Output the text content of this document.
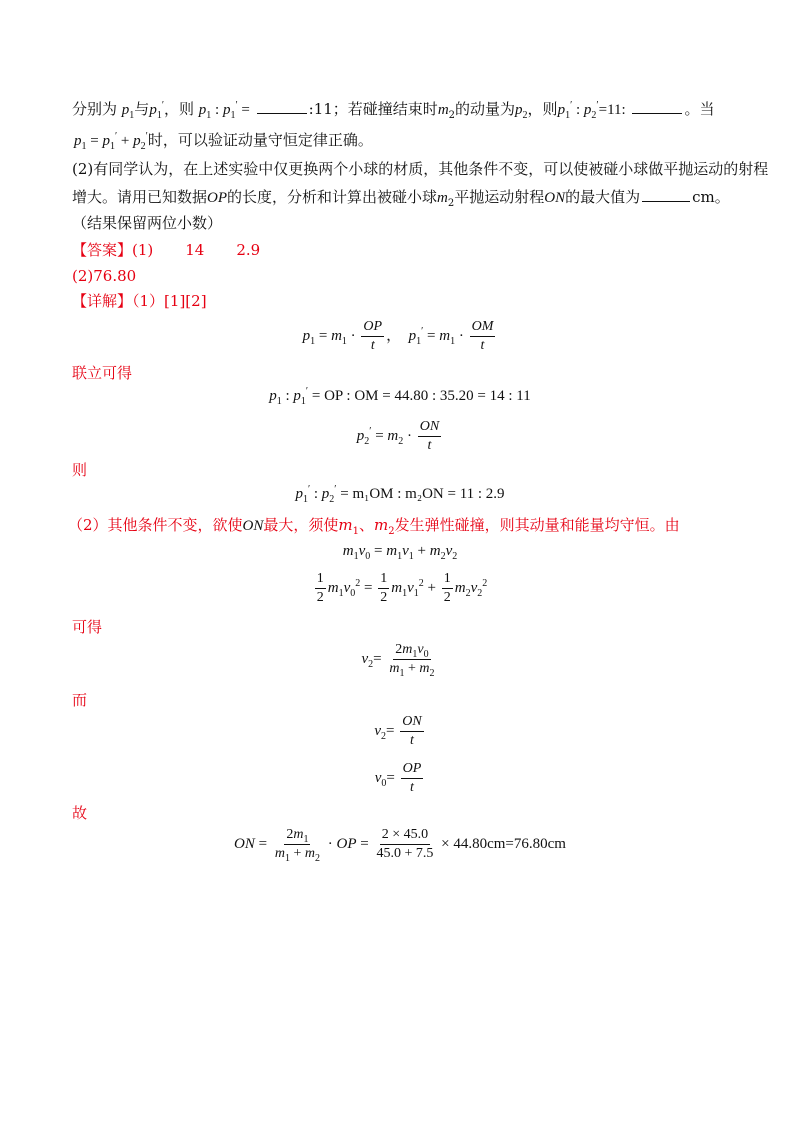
分别为 $p_1$与$p_1'$，则 $p_1$ : $p_1'$ =	:11；若碰撞结束时$m_2$的动量为$p_2$，则$p_1'$ : $p_2'=11$:	。当
$p_1 = p_1' + p_2'$时，可以验证动量守恒定律正确。
(2)有同学认为，在上述实验中仅更换两个小球的材质，其他条件不变，可以使被碰小球做平抛运动的射程
增大。请用已知数据OP的长度，分析和计算出被碰小球$m_2$平抛运动射程ON的最大值为	cm。
（结果保留两位小数）
【答案】(1) 14 2.9
(2)76.80
【详解】（1）[1][2]
$p_1 = m_1 \cdot \frac{OP}{t}$ ， $p_1' = m_1 \cdot \frac{OM}{t}$
联立可得
$p_1$ : $p_1'$ = OP : OM = 44.80 : 35.20 = 14 : 11
$p_2' = m_2 \cdot \frac{ON}{t}$
则
$p_1'$ : $p_2' = m_1OM$ : m₂ON = 11 : 2.9
（2）其他条件不变，欲使ON最大，须使$m_1$、$m_2$发生弹性碰撞，则其动量和能量均守恒。由
$m_1v_0 = m_1v_1 + m_2v_2$
$\frac{1}{2} m_1v_0^2 = \frac{1}{2} m_1v_1^2 + \frac{1}{2} m_2v_2^2$
可得
$v_2= \frac{2m_1v_0}{m_1 + m_2}$
而
$v_2= \frac{ON}{t}$
$v_0= \frac{OP}{t}$
故
ON = $\frac{2m_1}{m_1 + m_2}$ · OP = $\frac{2 \times 45.0}{45.0 + 7.5} \times 44.80cm=76.80cm$
